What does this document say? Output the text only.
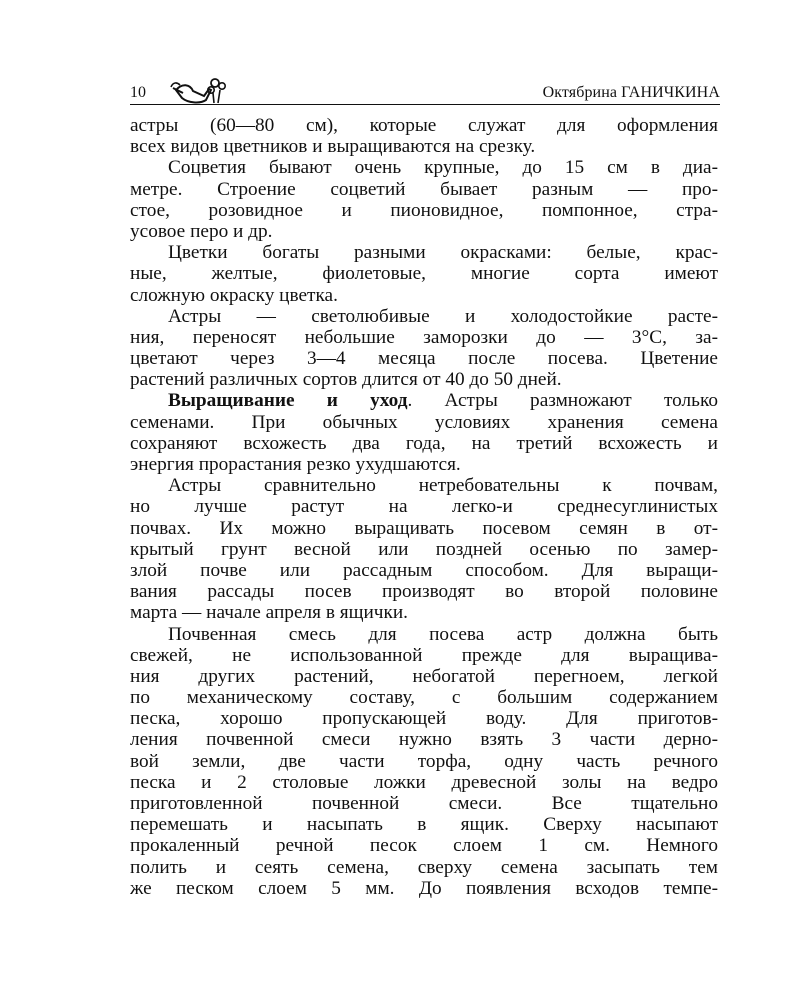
10	Октябрина ГАНИЧКИНА
астры (60—80 см), которые служат для оформления
всех видов цветников и выращиваются на срезку.
Соцветия бывают очень крупные, до 15 см в диа-
метре. Строение соцветий бывает разным — про-
стое, розовидное и пионовидное, помпонное, стра-
усовое перо и др.
Цветки богаты разными окрасками: белые, крас-
ные, желтые, фиолетовые, многие сорта имеют
сложную окраску цветка.
Астры — светолюбивые и холодостойкие расте-
ния, переносят небольшие заморозки до — 3°С, за-
цветают через 3—4 месяца после посева. Цветение
растений различных сортов длится от 40 до 50 дней.
Выращивание и уход. Астры размножают только
семенами. При обычных условиях хранения семена
сохраняют всхожесть два года, на третий всхожесть и
энергия прорастания резко ухудшаются.
Астры сравнительно нетребовательны к почвам,
но лучше растут на легко-и среднесуглинистых
почвах. Их можно выращивать посевом семян в от-
крытый грунт весной или поздней осенью по замер-
злой почве или рассадным способом. Для выращи-
вания рассады посев производят во второй половине
марта — начале апреля в ящички.
Почвенная смесь для посева астр должна быть
свежей, не использованной прежде для выращива-
ния других растений, небогатой перегноем, легкой
по механическому составу, с большим содержанием
песка, хорошо пропускающей воду. Для приготов-
ления почвенной смеси нужно взять 3 части дерно-
вой земли, две части торфа, одну часть речного
песка и 2 столовые ложки древесной золы на ведро
приготовленной почвенной смеси. Все тщательно
перемешать и насыпать в ящик. Сверху насыпают
прокаленный речной песок слоем 1 см. Немного
полить и сеять семена, сверху семена засыпать тем
же песком слоем 5 мм. До появления всходов темпе-
